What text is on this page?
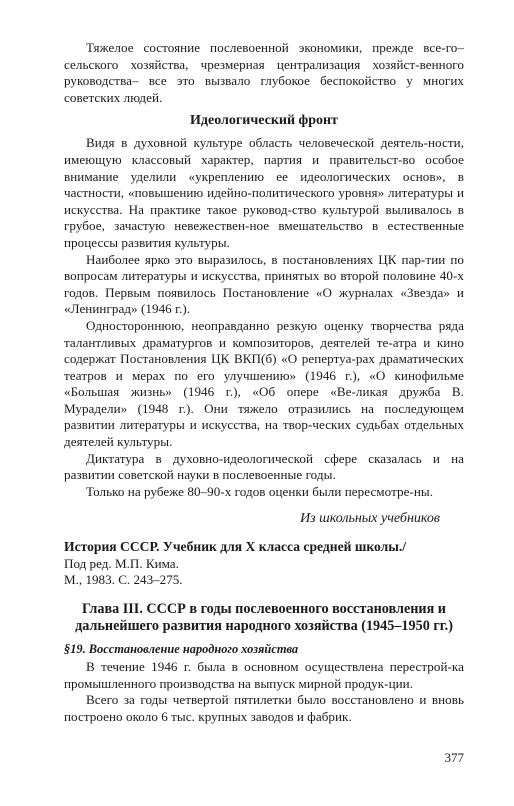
Тяжелое состояние послевоенной экономики, прежде все-го– сельского хозяйства, чрезмерная централизация хозяйст-венного руководства– все это вызвало глубокое беспокойство у многих советских людей.

Идеологический фронт

Видя в духовной культуре область человеческой деятель-ности, имеющую классовый характер, партия и правительст-во особое внимание уделили «укреплению ее идеологических основ», в частности, «повышению идейно-политического уровня» литературы и искусства. На практике такое руковод-ство культурой выливалось в грубое, зачастую невежествен-ное вмешательство в естественные процессы развития культуры.

Наиболее ярко это выразилось, в постановлениях ЦК пар-тии по вопросам литературы и искусства, принятых во второй половине 40-х годов. Первым появилось Постановление «О журналах «Звезда» и «Ленинград» (1946 г.).

Одностороннюю, неоправданно резкую оценку творчества ряда талантливых драматургов и композиторов, деятелей те-атра и кино содержат Постановления ЦК ВКП(б) «О репертуа-рах драматических театров и мерах по его улучшению» (1946 г.), «О кинофильме «Большая жизнь» (1946 г.), «Об опере «Ве-ликая дружба В. Мурадели» (1948 г.). Они тяжело отразились на последующем развитии литературы и искусства, на твор-ческих судьбах отдельных деятелей культуры.

Диктатура в духовно-идеологической сфере сказалась и на развитии советской науки в послевоенные годы.

Только на рубеже 80–90-х годов оценки были пересмотре-ны.

Из школьных учебников

История СССР. Учебник для X класса средней школы./

Под ред. М.П. Кима.

М., 1983. С. 243–275.

Глава III. СССР в годы послевоенного восстановления и дальнейшего развития народного хозяйства (1945–1950 гг.)
§19. Восстановление народного хозяйства

В течение 1946 г. была в основном осуществлена перестрой-ка промышленного производства на выпуск мирной продук-ции.

Всего за годы четвертой пятилетки было восстановлено и вновь построено около 6 тыс. крупных заводов и фабрик.

377
